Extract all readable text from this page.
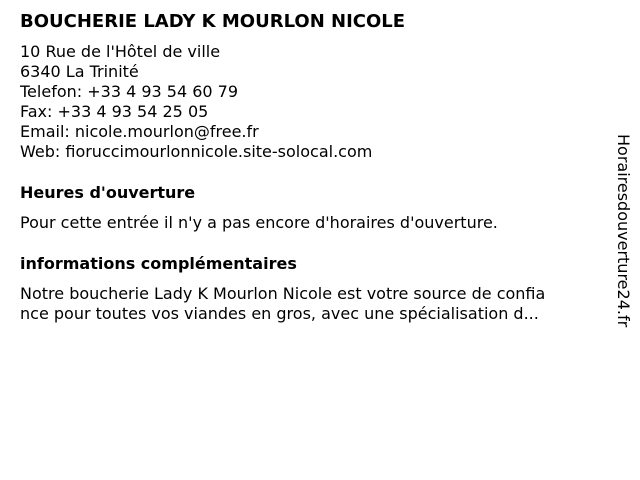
BOUCHERIE LADY K MOURLON NICOLE
10 Rue de l'Hôtel de ville
6340 La Trinité
Telefon: +33 4 93 54 60 79
Fax: +33 4 93 54 25 05
Email: nicole.mourlon@free.fr
Web: fioruccimourlonnicole.site-solocal.com
Heures d'ouverture
Pour cette entrée il n'y a pas encore d'horaires d'ouverture.
informations complémentaires
Notre boucherie Lady K Mourlon Nicole est votre source de confia
nce pour toutes vos viandes en gros, avec une spécialisation d...	Horairesdouverture24.fr
